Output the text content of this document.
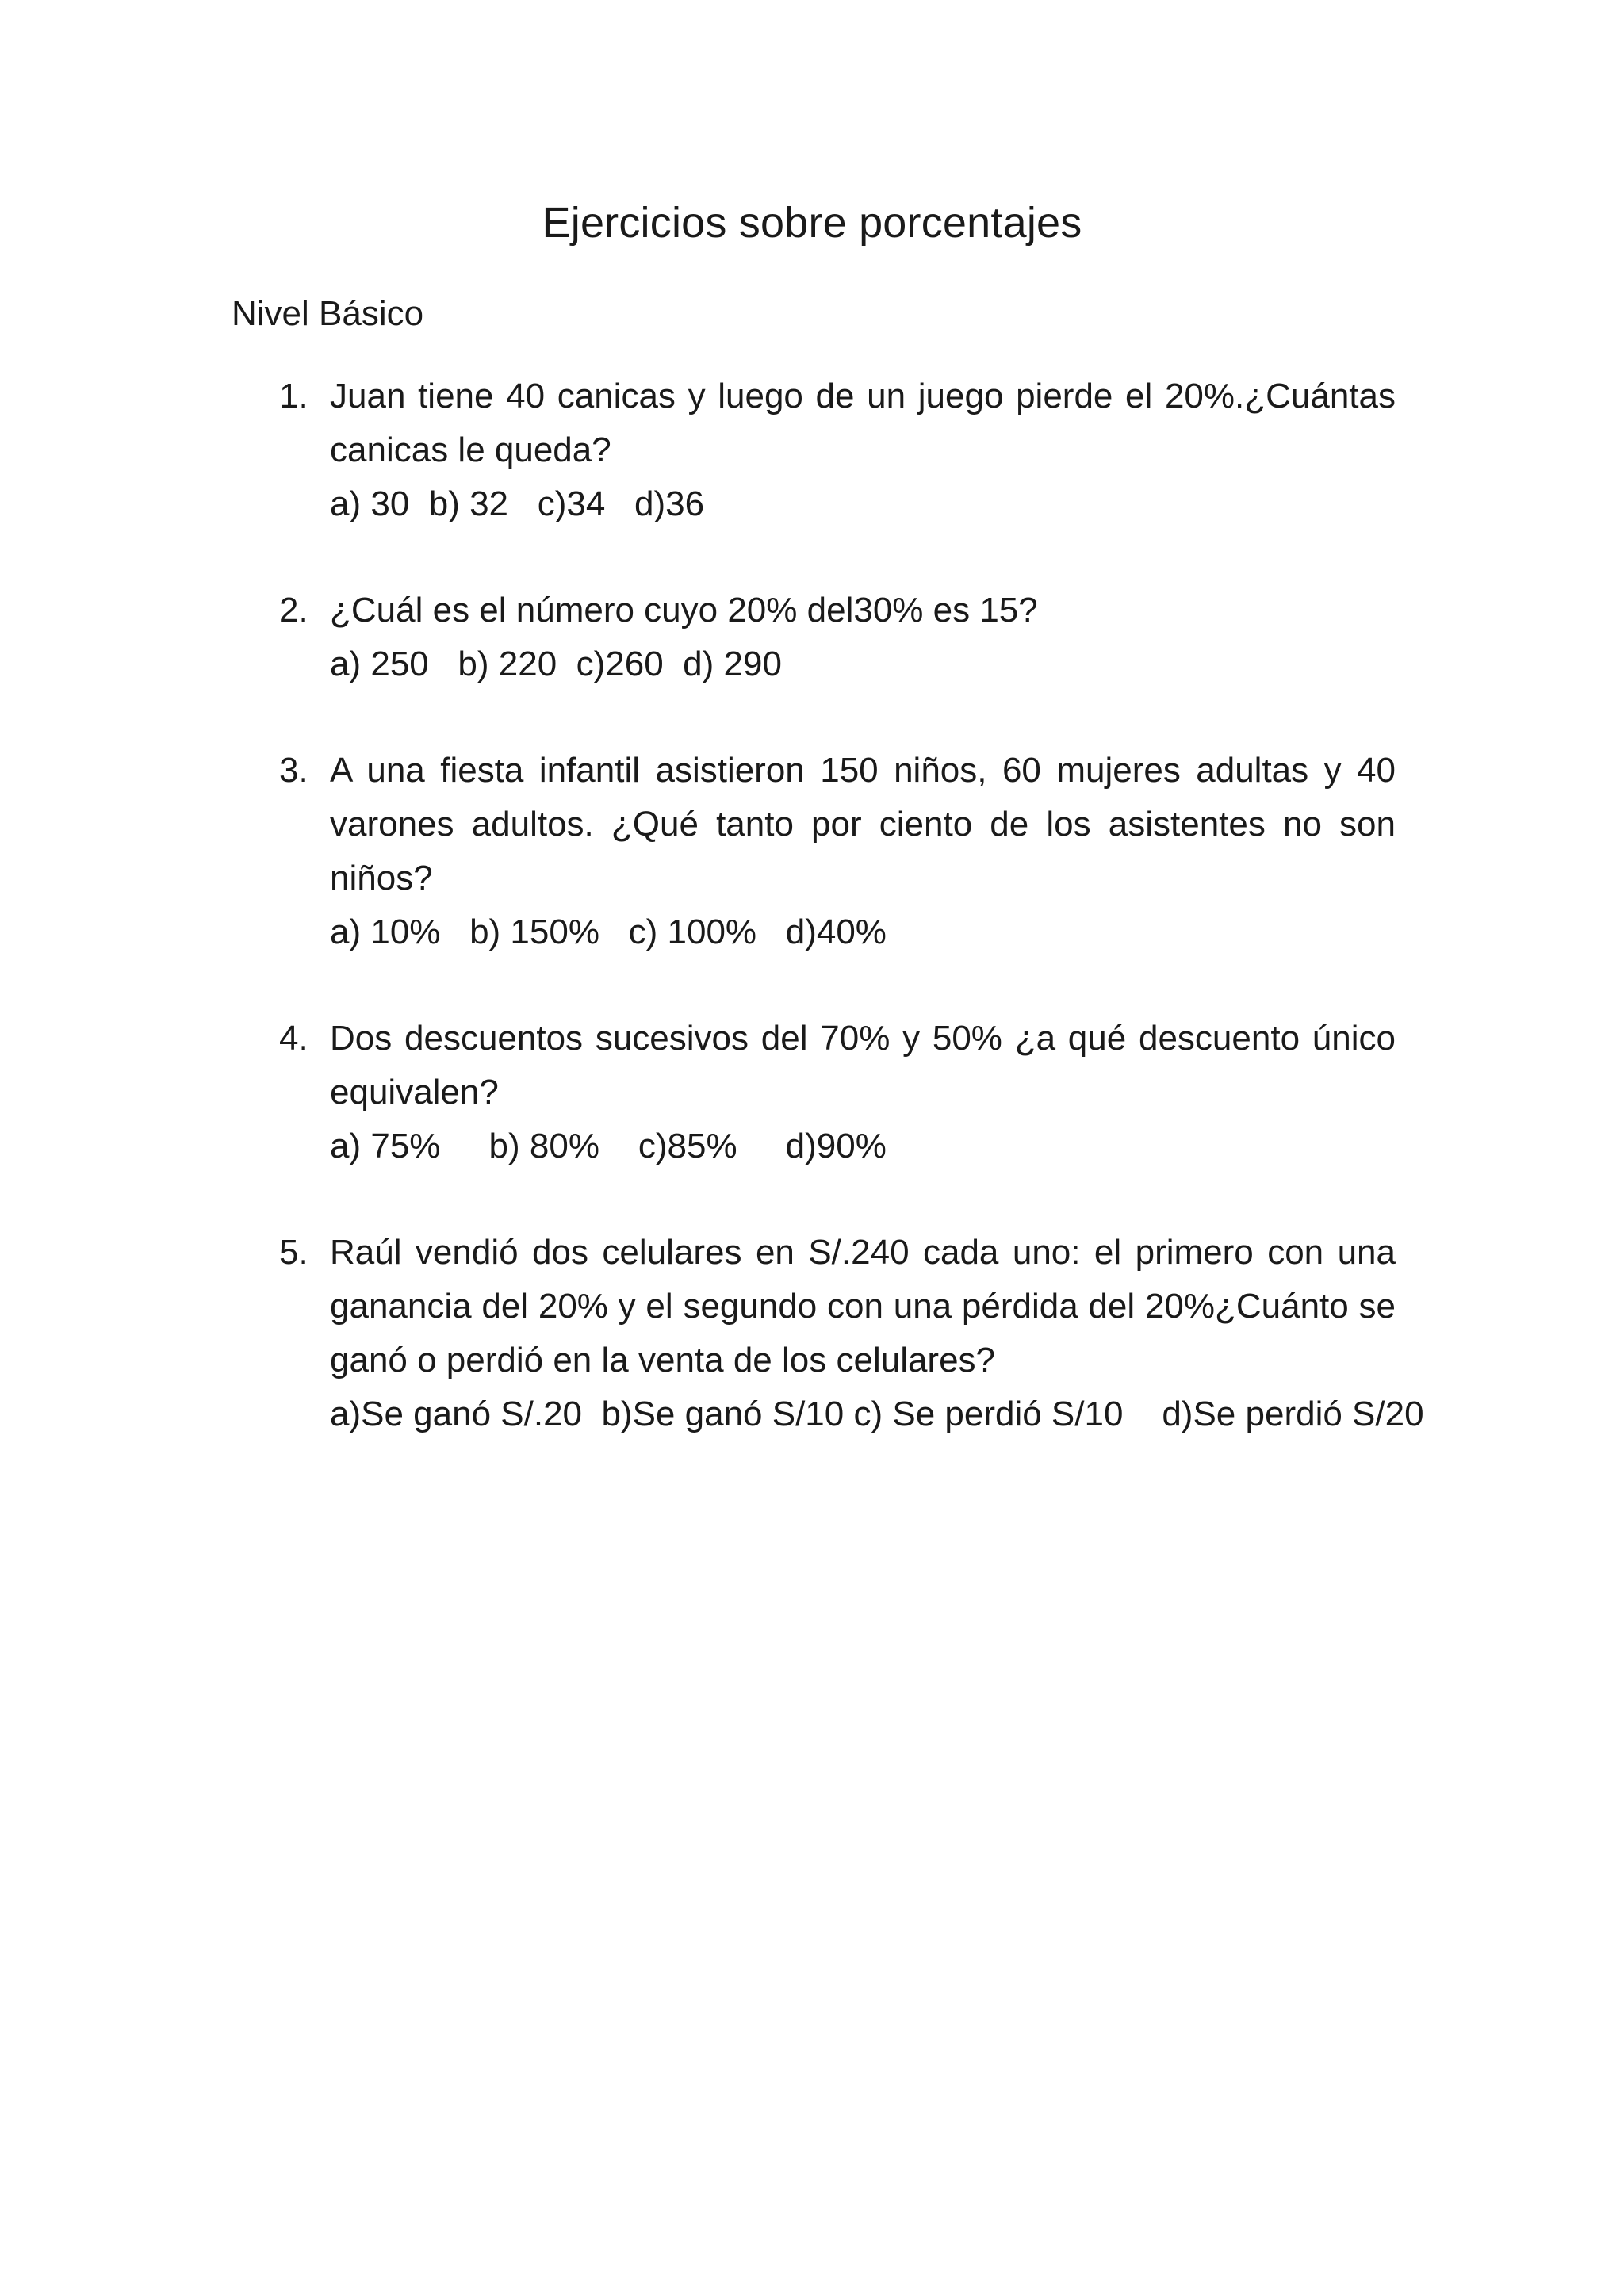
Ejercicios sobre porcentajes

Nivel Básico

1. Juan tiene 40 canicas y luego de un juego pierde el 20%.¿Cuántas canicas le queda?
a) 30  b) 32   c)34   d)36
2. ¿Cuál es el número cuyo 20% del30% es 15?
a) 250   b) 220  c)260  d) 290
3. A una fiesta infantil asistieron 150 niños, 60 mujeres adultas y 40 varones adultos. ¿Qué tanto por ciento de los asistentes no son niños?
a) 10%   b) 150%   c) 100%   d)40%
4. Dos descuentos sucesivos del 70% y 50% ¿a qué descuento único equivalen?
a) 75%     b) 80%    c)85%     d)90%
5. Raúl vendió dos celulares en S/.240 cada uno: el primero con una ganancia del 20% y el segundo con una pérdida del 20%¿Cuánto se ganó o perdió en la venta de los celulares?
a)Se ganó S/.20  b)Se ganó S/10 c) Se perdió S/10    d)Se perdió S/20
